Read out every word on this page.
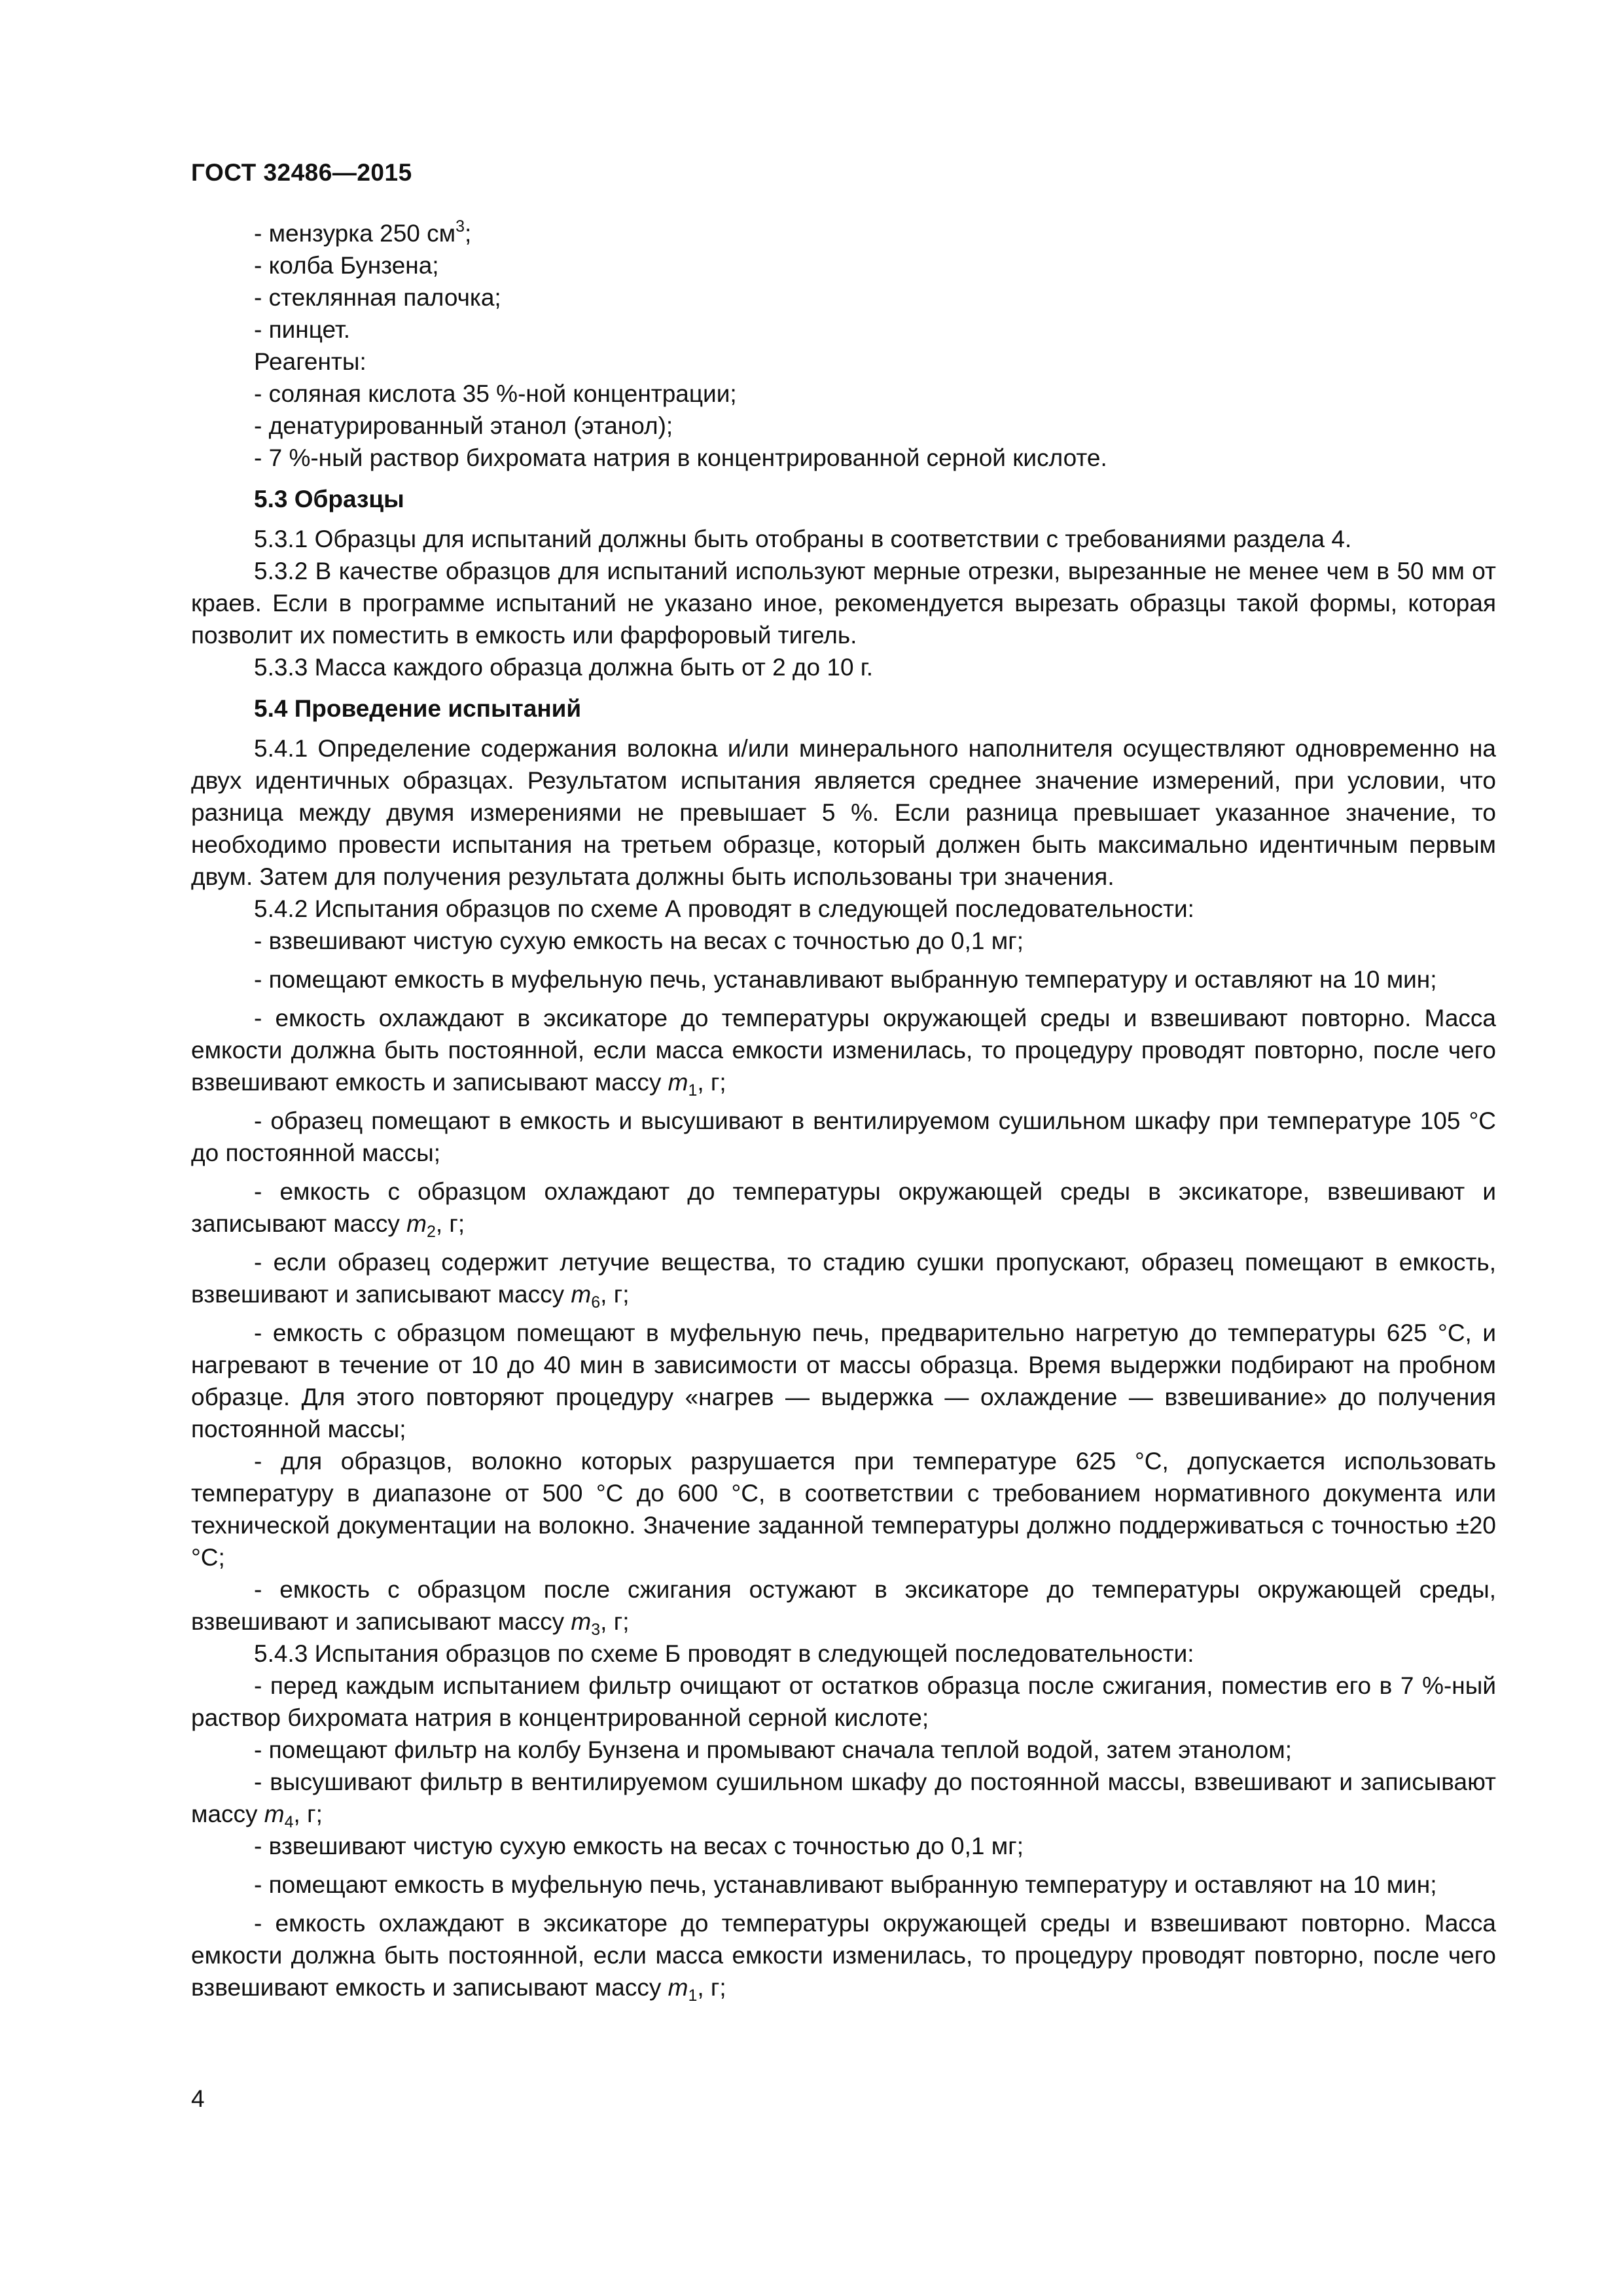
ГОСТ 32486—2015

- мензурка 250 $см^3$;

- колба Бунзена;

- стеклянная палочка;

- пинцет.

Реагенты:

- соляная кислота 35 %-ной концентрации;

- денатурированный этанол (этанол);

- 7 %-ный раствор бихромата натрия в концентрированной серной кислоте.

5.3 Образцы

5.3.1 Образцы для испытаний должны быть отобраны в соответствии с требованиями раздела 4.

5.3.2 В качестве образцов для испытаний используют мерные отрезки, вырезанные не менее чем в 50 мм от краев. Если в программе испытаний не указано иное, рекомендуется вырезать образцы такой формы, которая позволит их поместить в емкость или фарфоровый тигель.

5.3.3 Масса каждого образца должна быть от 2 до 10 г.

5.4 Проведение испытаний

5.4.1 Определение содержания волокна и/или минерального наполнителя осуществляют одновременно на двух идентичных образцах. Результатом испытания является среднее значение измерений, при условии, что разница между двумя измерениями не превышает 5 %. Если разница превышает указанное значение, то необходимо провести испытания на третьем образце, который должен быть максимально идентичным первым двум. Затем для получения результата должны быть использованы три значения.

5.4.2 Испытания образцов по схеме А проводят в следующей последовательности:

- взвешивают чистую сухую емкость на весах с точностью до 0,1 мг;

- помещают емкость в муфельную печь, устанавливают выбранную температуру и оставляют на 10 мин;

- емкость охлаждают в эксикаторе до температуры окружающей среды и взвешивают повторно. Масса емкости должна быть постоянной, если масса емкости изменилась, то процедуру проводят повторно, после чего взвешивают емкость и записывают массу $m_1$, г;

- образец помещают в емкость и высушивают в вентилируемом сушильном шкафу при температуре 105 °С до постоянной массы;

- емкость с образцом охлаждают до температуры окружающей среды в эксикаторе, взвешивают и записывают массу $m_2$, г;

- если образец содержит летучие вещества, то стадию сушки пропускают, образец помещают в емкость, взвешивают и записывают массу $m_6$, г;

- емкость с образцом помещают в муфельную печь, предварительно нагретую до температуры 625 °С, и нагревают в течение от 10 до 40 мин в зависимости от массы образца. Время выдержки подбирают на пробном образце. Для этого повторяют процедуру «нагрев — выдержка — охлаждение — взвешивание» до получения постоянной массы;

- для образцов, волокно которых разрушается при температуре 625 °С, допускается использовать температуру в диапазоне от 500 °С до 600 °С, в соответствии с требованием нормативного документа или технической документации на волокно. Значение заданной температуры должно поддерживаться с точностью ±20 °С;

- емкость с образцом после сжигания остужают в эксикаторе до температуры окружающей среды, взвешивают и записывают массу $m_3$, г;

5.4.3 Испытания образцов по схеме Б проводят в следующей последовательности:

- перед каждым испытанием фильтр очищают от остатков образца после сжигания, поместив его в 7 %-ный раствор бихромата натрия в концентрированной серной кислоте;

- помещают фильтр на колбу Бунзена и промывают сначала теплой водой, затем этанолом;

- высушивают фильтр в вентилируемом сушильном шкафу до постоянной массы, взвешивают и записывают массу $m_4$, г;

- взвешивают чистую сухую емкость на весах с точностью до 0,1 мг;

- помещают емкость в муфельную печь, устанавливают выбранную температуру и оставляют на 10 мин;

- емкость охлаждают в эксикаторе до температуры окружающей среды и взвешивают повторно. Масса емкости должна быть постоянной, если масса емкости изменилась, то процедуру проводят повторно, после чего взвешивают емкость и записывают массу $m_1$, г;

4
